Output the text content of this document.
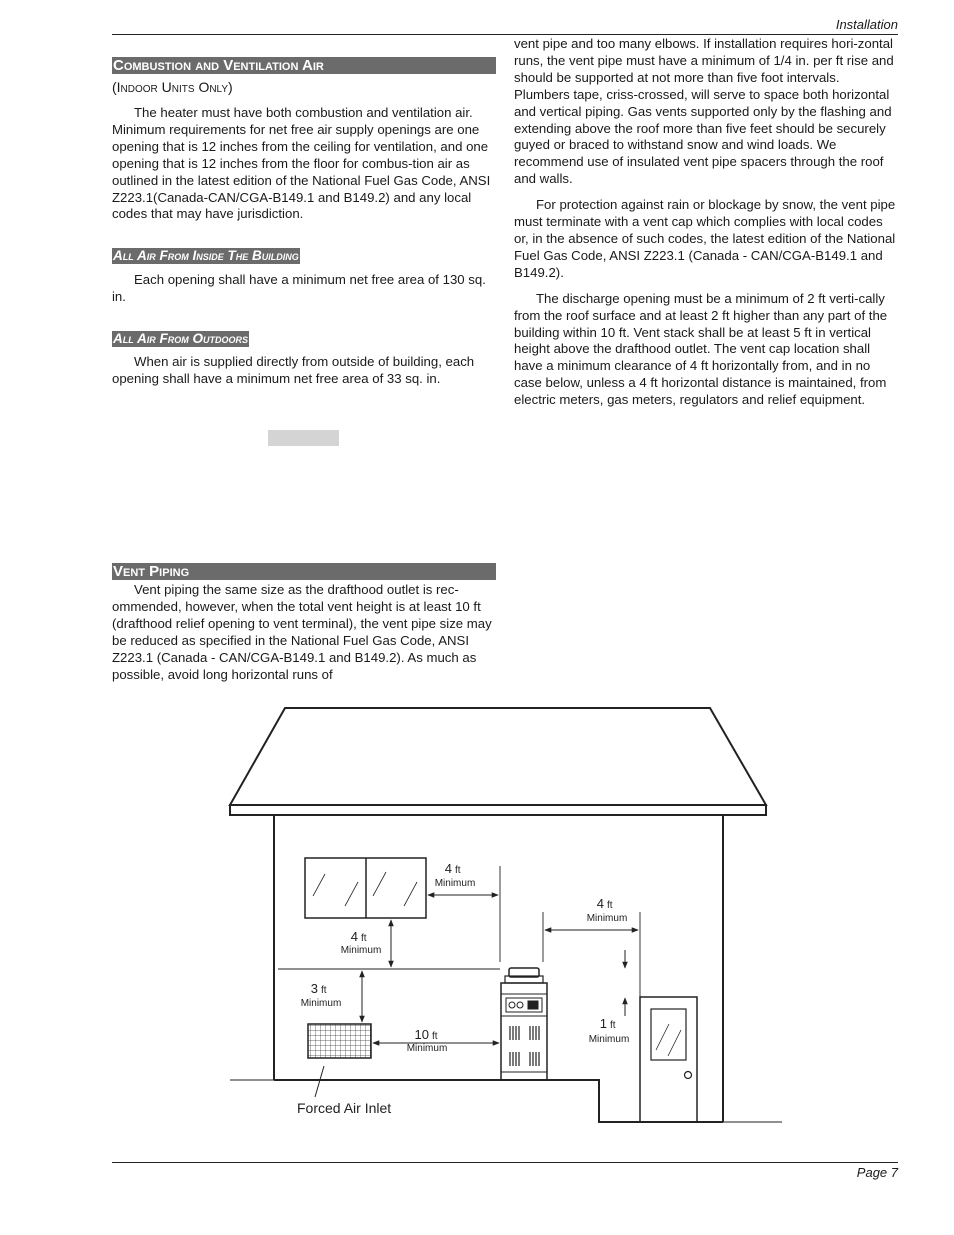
Installation
Page 7
Combustion and Ventilation Air
(Indoor Units Only)

The heater must have both combustion and ventilation air. Minimum requirements for net free air supply openings are one opening that is 12 inches from the ceiling for ventilation, and one opening that is 12 inches from the floor for combus-tion air as outlined in the latest edition of the National Fuel Gas Code, ANSI Z223.1(Canada-CAN/CGA-B149.1 and B149.2) and any local codes that may have jurisdiction.

All Air From Inside The Building

Each opening shall have a minimum net free area of 130 sq. in.

All Air From Outdoors

When air is supplied directly from outside of building, each opening shall have a minimum net free area of 33 sq. in.

Vent Piping

Vent piping the same size as the drafthood outlet is rec-ommended, however, when the total vent height is at least 10 ft (drafthood relief opening to vent terminal), the vent pipe size may be reduced as specified in the National Fuel Gas Code, ANSI Z223.1 (Canada - CAN/CGA-B149.1 and B149.2). As much as possible, avoid long horizontal runs of

vent pipe and too many elbows. If installation requires hori-zontal runs, the vent pipe must have a minimum of 1/4 in. per ft rise and should be supported at not more than five foot intervals. Plumbers tape, criss-crossed, will serve to space both horizontal and vertical piping. Gas vents supported only by the flashing and extending above the roof more than five feet should be securely guyed or braced to withstand snow and wind loads. We recommend use of insulated vent pipe spacers through the roof and walls.

For protection against rain or blockage by snow, the vent pipe must terminate with a vent cap which complies with local codes or, in the absence of such codes, the latest edition of the National Fuel Gas Code, ANSI Z223.1 (Canada - CAN/CGA-B149.1 and B149.2).

The discharge opening must be a minimum of 2 ft verti-cally from the roof surface and at least 2 ft higher than any part of the building within 10 ft. Vent stack shall be at least 5 ft in vertical height above the drafthood outlet. The vent cap location shall have a minimum clearance of 4 ft horizontally from, and in no case below, unless a 4 ft horizontal distance is maintained, from electric meters, gas meters, regulators and relief equipment.

4 ft
Minimum
4 ft
Minimum
3 ft
Minimum
10 ft
Minimum
4 ft
Minimum
1 ft
Minimum
Forced Air Inlet
